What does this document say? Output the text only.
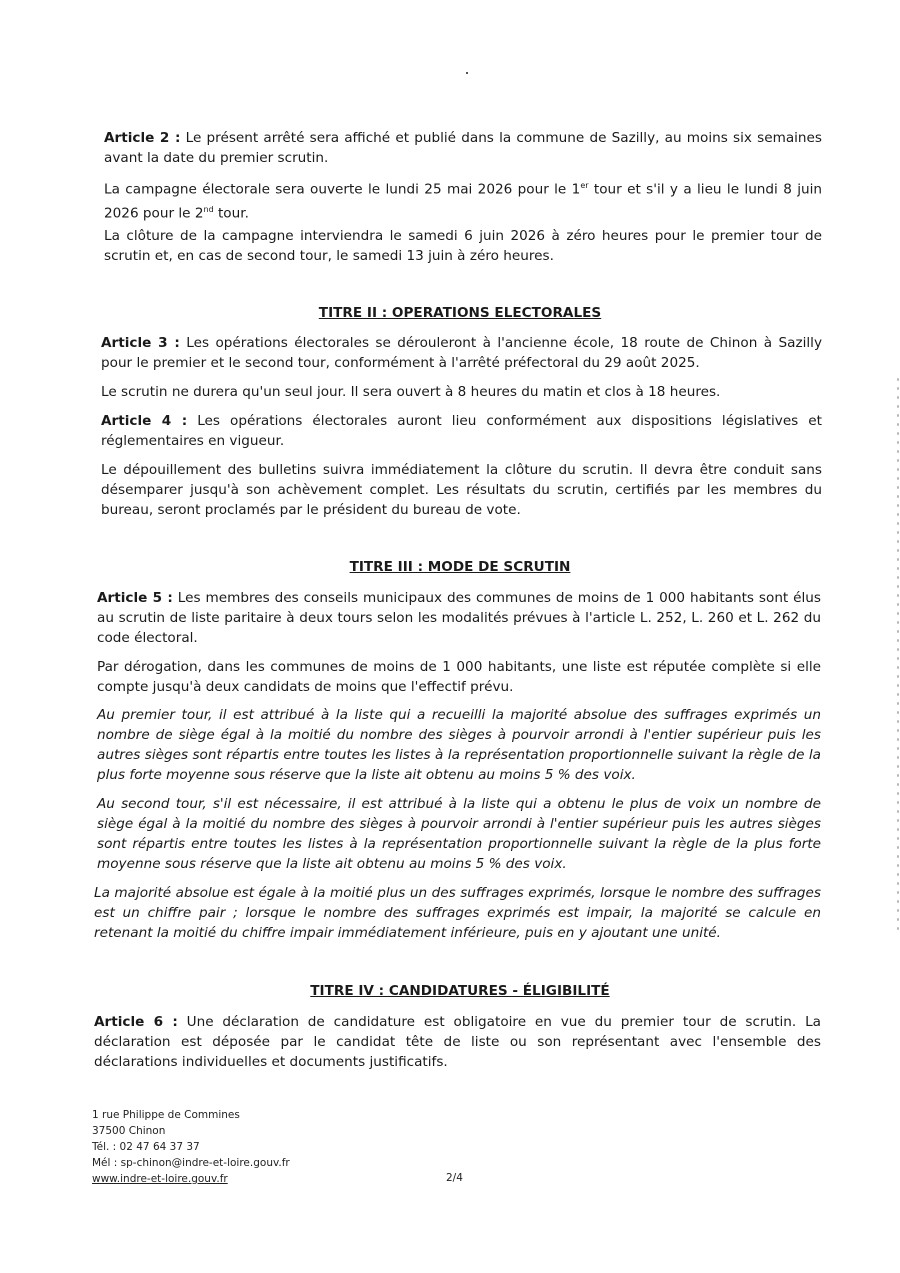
Article 2 : Le présent arrêté sera affiché et publié dans la commune de Sazilly, au moins six semaines avant la date du premier scrutin.

La campagne électorale sera ouverte le lundi 25 mai 2026 pour le 1er tour et s'il y a lieu le lundi 8 juin 2026 pour le 2nd tour.

La clôture de la campagne interviendra le samedi 6 juin 2026 à zéro heures pour le premier tour de scrutin et, en cas de second tour, le samedi 13 juin à zéro heures.

TITRE II : OPERATIONS ELECTORALES

Article 3 : Les opérations électorales se dérouleront à l'ancienne école, 18 route de Chinon à Sazilly pour le premier et le second tour, conformément à l'arrêté préfectoral du 29 août 2025.

Le scrutin ne durera qu'un seul jour. Il sera ouvert à 8 heures du matin et clos à 18 heures.

Article 4 : Les opérations électorales auront lieu conformément aux dispositions législatives et réglementaires en vigueur.

Le dépouillement des bulletins suivra immédiatement la clôture du scrutin. Il devra être conduit sans désemparer jusqu'à son achèvement complet. Les résultats du scrutin, certifiés par les membres du bureau, seront proclamés par le président du bureau de vote.

TITRE III : MODE DE SCRUTIN

Article 5 : Les membres des conseils municipaux des communes de moins de 1 000 habitants sont élus au scrutin de liste paritaire à deux tours selon les modalités prévues à l'article L. 252, L. 260 et L. 262 du code électoral.

Par dérogation, dans les communes de moins de 1 000 habitants, une liste est réputée complète si elle compte jusqu'à deux candidats de moins que l'effectif prévu.

Au premier tour, il est attribué à la liste qui a recueilli la majorité absolue des suffrages exprimés un nombre de siège égal à la moitié du nombre des sièges à pourvoir arrondi à l'entier supérieur puis les autres sièges sont répartis entre toutes les listes à la représentation proportionnelle suivant la règle de la plus forte moyenne sous réserve que la liste ait obtenu au moins 5 % des voix.

Au second tour, s'il est nécessaire, il est attribué à la liste qui a obtenu le plus de voix un nombre de siège égal à la moitié du nombre des sièges à pourvoir arrondi à l'entier supérieur puis les autres sièges sont répartis entre toutes les listes à la représentation proportionnelle suivant la règle de la plus forte moyenne sous réserve que la liste ait obtenu au moins 5 % des voix.

La majorité absolue est égale à la moitié plus un des suffrages exprimés, lorsque le nombre des suffrages est un chiffre pair ; lorsque le nombre des suffrages exprimés est impair, la majorité se calcule en retenant la moitié du chiffre impair immédiatement inférieure, puis en y ajoutant une unité.

TITRE IV : CANDIDATURES - ÉLIGIBILITÉ

Article 6 : Une déclaration de candidature est obligatoire en vue du premier tour de scrutin. La déclaration est déposée par le candidat tête de liste ou son représentant avec l'ensemble des déclarations individuelles et documents justificatifs.

1 rue Philippe de Commines
37500 Chinon
Tél. : 02 47 64 37 37
Mél : sp-chinon@indre-et-loire.gouv.fr
www.indre-et-loire.gouv.fr	2/4
